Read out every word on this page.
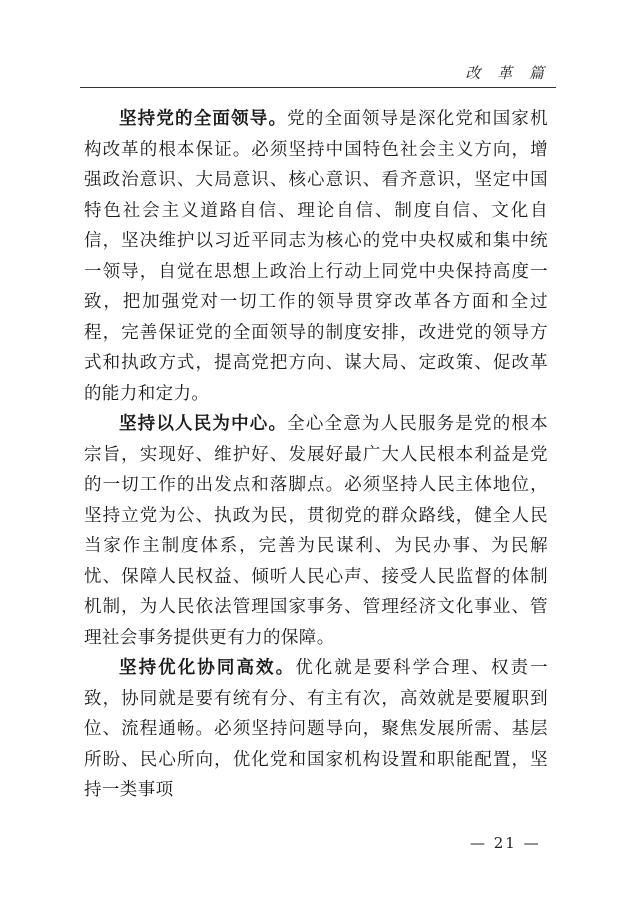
改 革 篇

坚持党的全面领导。党的全面领导是深化党和国家机构改革的根本保证。必须坚持中国特色社会主义方向，增强政治意识、大局意识、核心意识、看齐意识，坚定中国特色社会主义道路自信、理论自信、制度自信、文化自信，坚决维护以习近平同志为核心的党中央权威和集中统一领导，自觉在思想上政治上行动上同党中央保持高度一致，把加强党对一切工作的领导贯穿改革各方面和全过程，完善保证党的全面领导的制度安排，改进党的领导方式和执政方式，提高党把方向、谋大局、定政策、促改革的能力和定力。

坚持以人民为中心。全心全意为人民服务是党的根本宗旨，实现好、维护好、发展好最广大人民根本利益是党的一切工作的出发点和落脚点。必须坚持人民主体地位，坚持立党为公、执政为民，贯彻党的群众路线，健全人民当家作主制度体系，完善为民谋利、为民办事、为民解忧、保障人民权益、倾听人民心声、接受人民监督的体制机制，为人民依法管理国家事务、管理经济文化事业、管理社会事务提供更有力的保障。

坚持优化协同高效。优化就是要科学合理、权责一致，协同就是要有统有分、有主有次，高效就是要履职到位、流程通畅。必须坚持问题导向，聚焦发展所需、基层所盼、民心所向，优化党和国家机构设置和职能配置，坚持一类事项

— 21 —
